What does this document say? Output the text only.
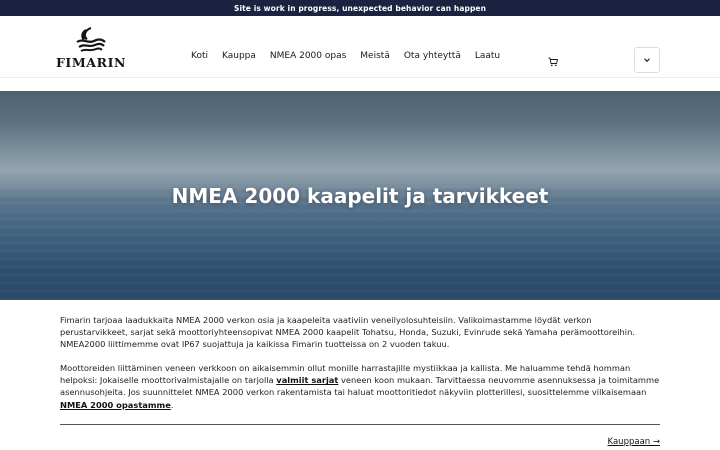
Site is work in progress, unexpected behavior can happen
FIMARIN	Koti Kauppa NMEA 2000 opas Meistä Ota yhteyttä Laatu
NMEA 2000 kaapelit ja tarvikkeet

Fimarin tarjoaa laadukkaita NMEA 2000 verkon osia ja kaapeleita vaativiin veneilyolosuhteisiin. Valikoimastamme löydät verkon perustarvikkeet, sarjat sekä moottoriyhteensopivat NMEA 2000 kaapelit Tohatsu, Honda, Suzuki, Evinrude sekä Yamaha perämoottoreihin. NMEA2000 liittimemme ovat IP67 suojattuja ja kaikissa Fimarin tuotteissa on 2 vuoden takuu.

Moottoreiden liittäminen veneen verkkoon on aikaisemmin ollut monille harrastajille mystiikkaa ja kallista. Me haluamme tehdä homman helpoksi: Jokaiselle moottorivalmistajalle on tarjolla valmiit sarjat veneen koon mukaan. Tarvittaessa neuvomme asennuksessa ja toimitamme asennusohjeita. Jos suunnittelet NMEA 2000 verkon rakentamista tai haluat moottoritiedot näkyviin plotterillesi, suosittelemme vilkaisemaan NMEA 2000 opastamme.

Kauppaan →
